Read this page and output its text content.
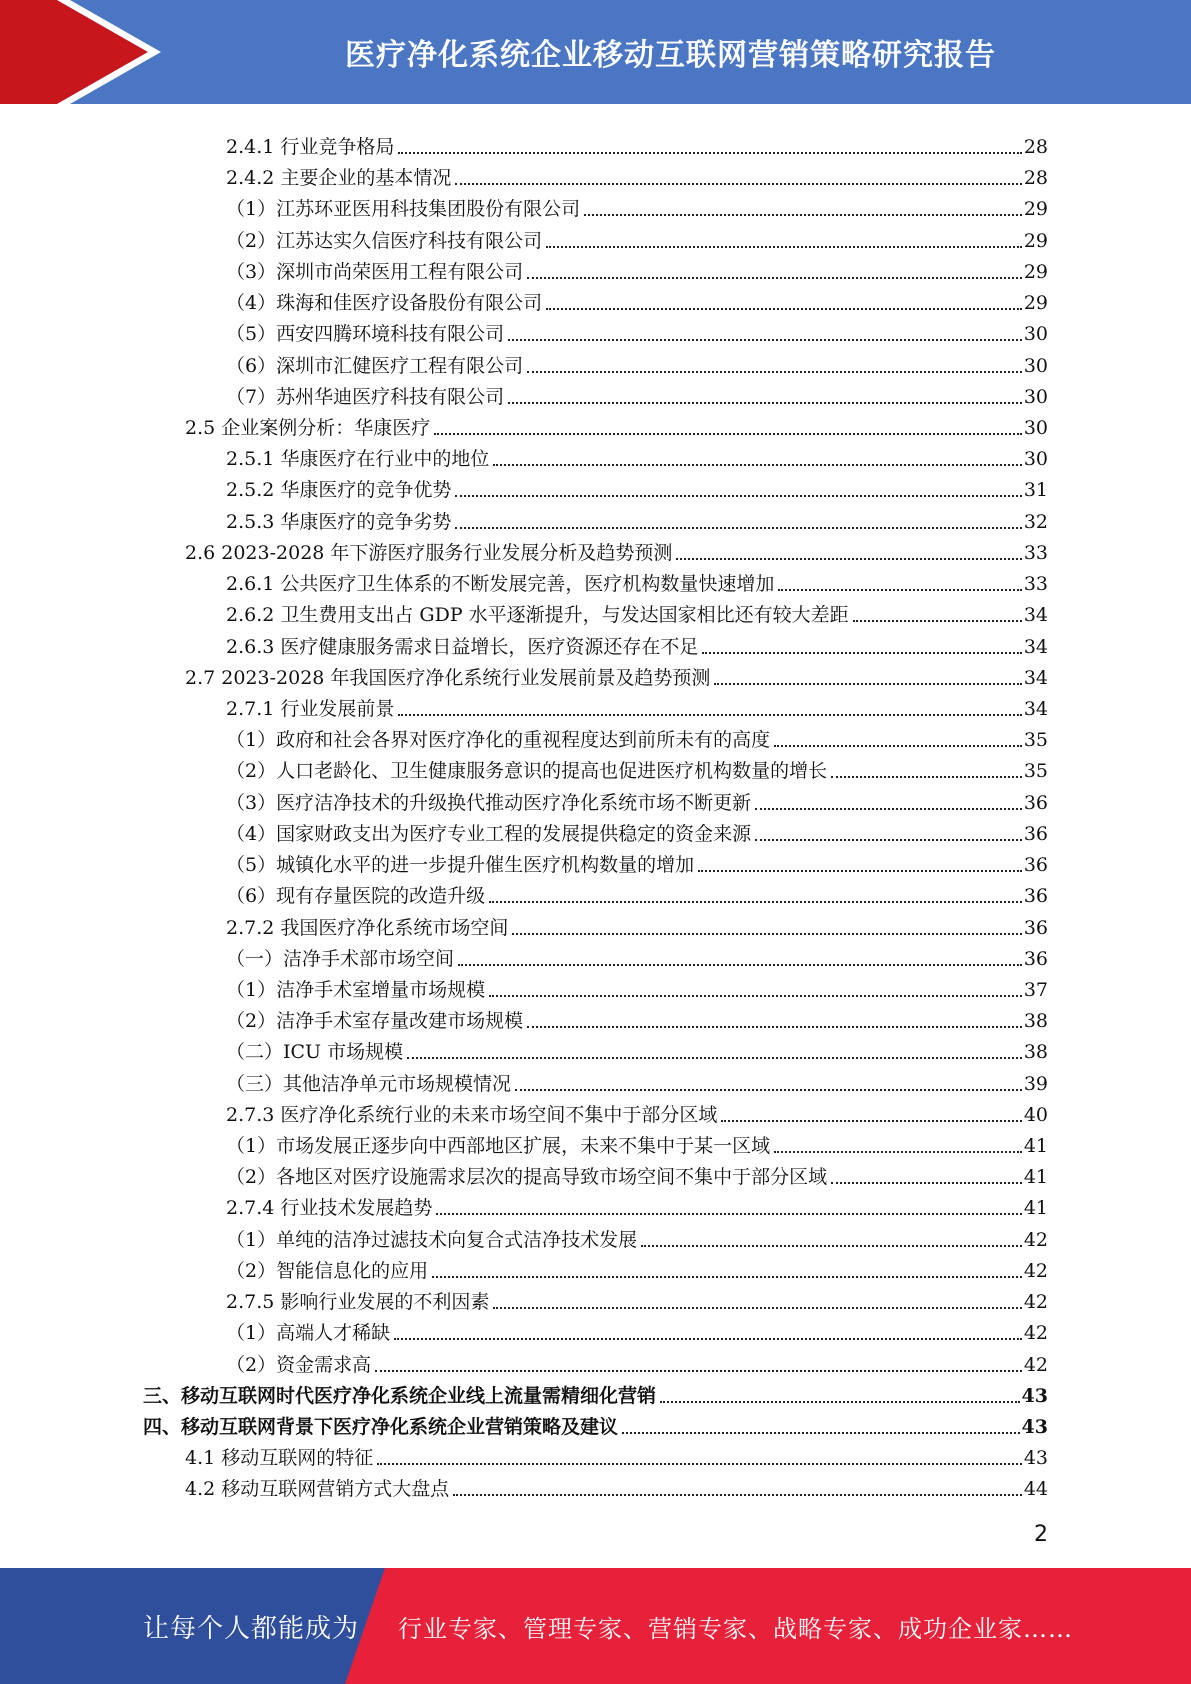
医疗净化系统企业移动互联网营销策略研究报告
2.4.1 行业竞争格局	28
2.4.2 主要企业的基本情况	28
（1）江苏环亚医用科技集团股份有限公司	29
（2）江苏达实久信医疗科技有限公司	29
（3）深圳市尚荣医用工程有限公司	29
（4）珠海和佳医疗设备股份有限公司	29
（5）西安四腾环境科技有限公司	30
（6）深圳市汇健医疗工程有限公司	30
（7）苏州华迪医疗科技有限公司	30
2.5 企业案例分析：华康医疗	30
2.5.1 华康医疗在行业中的地位	30
2.5.2 华康医疗的竞争优势	31
2.5.3 华康医疗的竞争劣势	32
2.6 2023-2028 年下游医疗服务行业发展分析及趋势预测	33
2.6.1 公共医疗卫生体系的不断发展完善，医疗机构数量快速增加	33
2.6.2 卫生费用支出占 GDP 水平逐渐提升，与发达国家相比还有较大差距	34
2.6.3 医疗健康服务需求日益增长，医疗资源还存在不足	34
2.7 2023-2028 年我国医疗净化系统行业发展前景及趋势预测	34
2.7.1 行业发展前景	34
（1）政府和社会各界对医疗净化的重视程度达到前所未有的高度	35
（2）人口老龄化、卫生健康服务意识的提高也促进医疗机构数量的增长	35
（3）医疗洁净技术的升级换代推动医疗净化系统市场不断更新	36
（4）国家财政支出为医疗专业工程的发展提供稳定的资金来源	36
（5）城镇化水平的进一步提升催生医疗机构数量的增加	36
（6）现有存量医院的改造升级	36
2.7.2 我国医疗净化系统市场空间	36
（一）洁净手术部市场空间	36
（1）洁净手术室增量市场规模	37
（2）洁净手术室存量改建市场规模	38
（二）ICU 市场规模	38
（三）其他洁净单元市场规模情况	39
2.7.3 医疗净化系统行业的未来市场空间不集中于部分区域	40
（1）市场发展正逐步向中西部地区扩展，未来不集中于某一区域	41
（2）各地区对医疗设施需求层次的提高导致市场空间不集中于部分区域	41
2.7.4 行业技术发展趋势	41
（1）单纯的洁净过滤技术向复合式洁净技术发展	42
（2）智能信息化的应用	42
2.7.5 影响行业发展的不利因素	42
（1）高端人才稀缺	42
（2）资金需求高	42
三、移动互联网时代医疗净化系统企业线上流量需精细化营销	43
四、移动互联网背景下医疗净化系统企业营销策略及建议	43
4.1 移动互联网的特征	43
4.2 移动互联网营销方式大盘点	44
2
让每个人都能成为 行业专家、管理专家、营销专家、战略专家、成功企业家……
